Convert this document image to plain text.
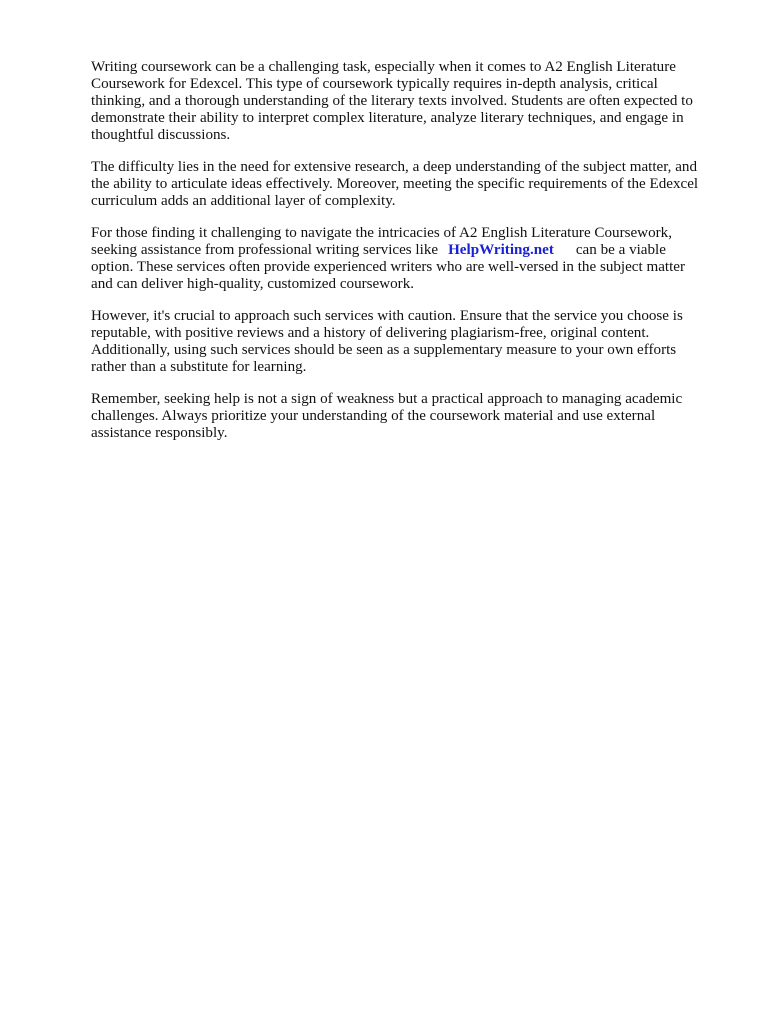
Writing coursework can be a challenging task, especially when it comes to A2 English Literature
Coursework for Edexcel. This type of coursework typically requires in-depth analysis, critical
thinking, and a thorough understanding of the literary texts involved. Students are often expected to
demonstrate their ability to interpret complex literature, analyze literary techniques, and engage in
thoughtful discussions.

The difficulty lies in the need for extensive research, a deep understanding of the subject matter, and
the ability to articulate ideas effectively. Moreover, meeting the specific requirements of the Edexcel
curriculum adds an additional layer of complexity.

For those finding it challenging to navigate the intricacies of A2 English Literature Coursework,
seeking assistance from professional writing services like HelpWriting.net can be a viable
option. These services often provide experienced writers who are well-versed in the subject matter
and can deliver high-quality, customized coursework.

However, it's crucial to approach such services with caution. Ensure that the service you choose is
reputable, with positive reviews and a history of delivering plagiarism-free, original content.
Additionally, using such services should be seen as a supplementary measure to your own efforts
rather than a substitute for learning.

Remember, seeking help is not a sign of weakness but a practical approach to managing academic
challenges. Always prioritize your understanding of the coursework material and use external
assistance responsibly.
